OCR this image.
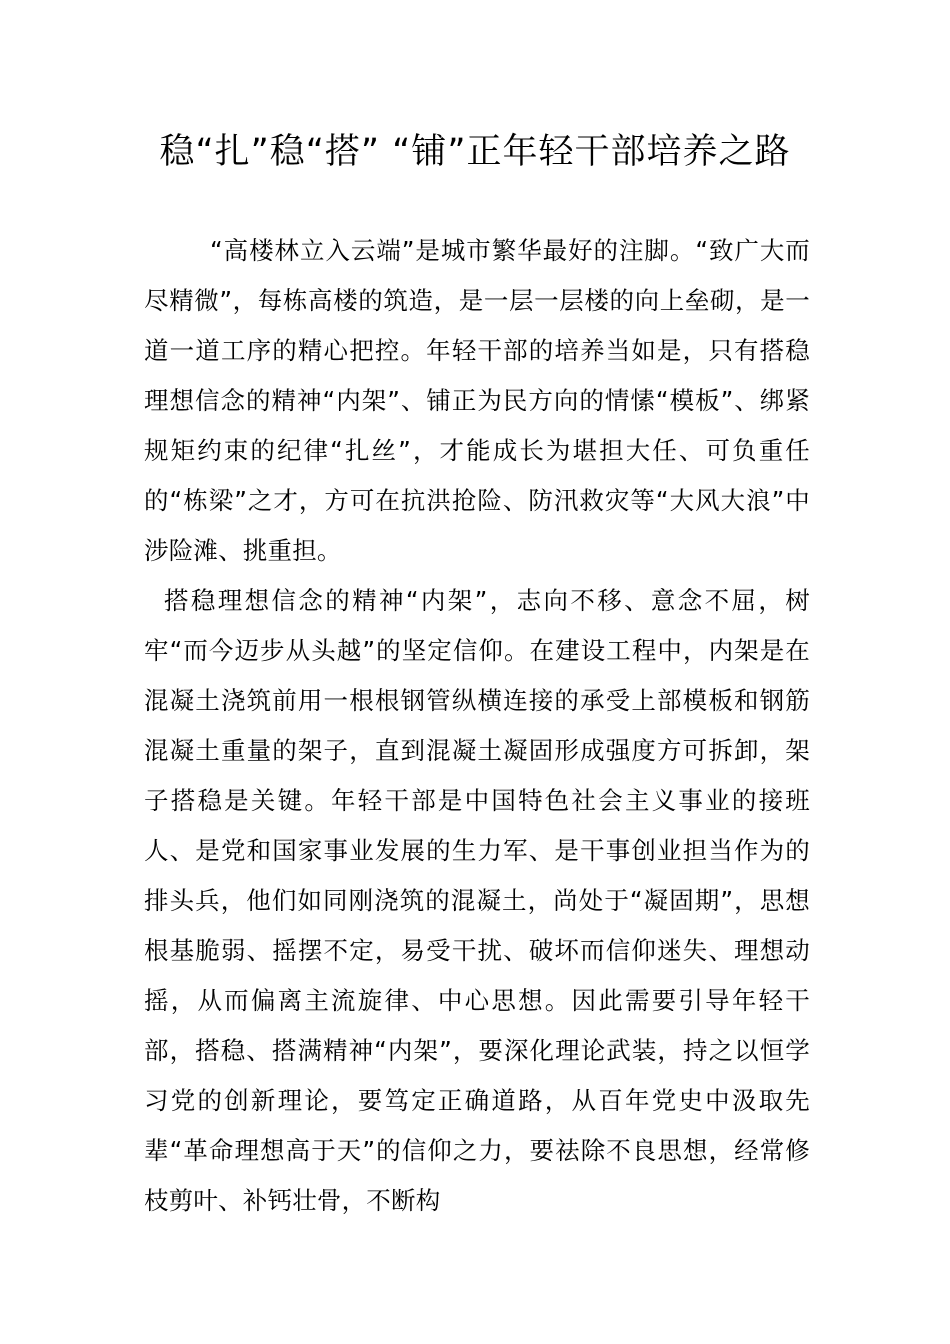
稳“扎”稳“搭” “铺”正年轻干部培养之路

“高楼林立入云端”是城市繁华最好的注脚。“致广大而尽精微”，每栋高楼的筑造，是一层一层楼的向上垒砌，是一道一道工序的精心把控。年轻干部的培养当如是，只有搭稳理想信念的精神“内架”、铺正为民方向的情愫“模板”、绑紧规矩约束的纪律“扎丝”，才能成长为堪担大任、可负重任的“栋梁”之才，方可在抗洪抢险、防汛救灾等“大风大浪”中涉险滩、挑重担。

搭稳理想信念的精神“内架”，志向不移、意念不屈，树牢“而今迈步从头越”的坚定信仰。在建设工程中，内架是在混凝土浇筑前用一根根钢管纵横连接的承受上部模板和钢筋混凝土重量的架子，直到混凝土凝固形成强度方可拆卸，架子搭稳是关键。年轻干部是中国特色社会主义事业的接班人、是党和国家事业发展的生力军、是干事创业担当作为的排头兵，他们如同刚浇筑的混凝土，尚处于“凝固期”，思想根基脆弱、摇摆不定，易受干扰、破坏而信仰迷失、理想动摇，从而偏离主流旋律、中心思想。因此需要引导年轻干部，搭稳、搭满精神“内架”，要深化理论武装，持之以恒学习党的创新理论，要笃定正确道路，从百年党史中汲取先辈“革命理想高于天”的信仰之力，要祛除不良思想，经常修枝剪叶、补钙壮骨，不断构
